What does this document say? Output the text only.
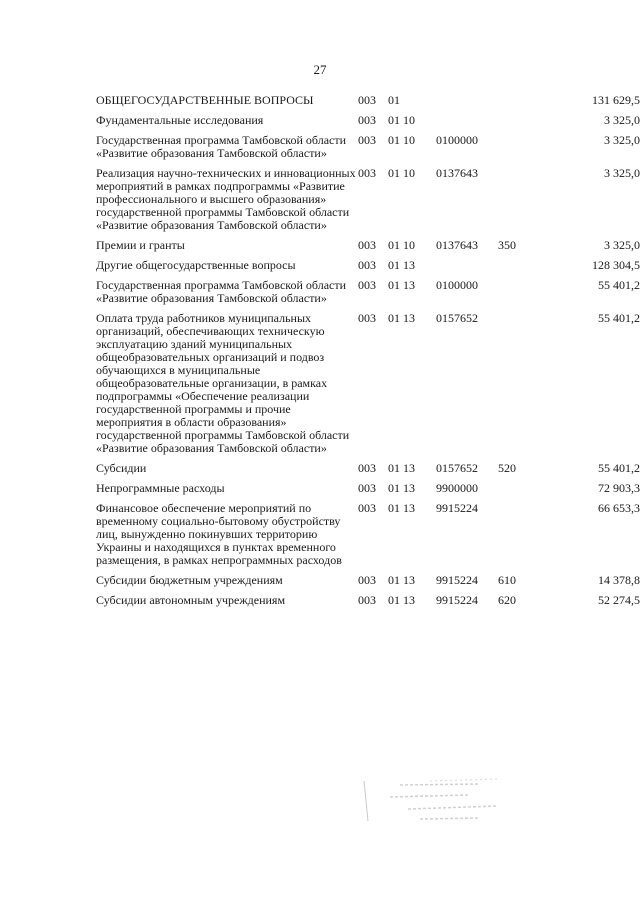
27
ОБЩЕГОСУДАРСТВЕННЫЕ ВОПРОСЫ	003	01			131 629,5
Фундаментальные исследования	003	01 10			3 325,0
Государственная программа Тамбовской области «Развитие образования Тамбовской области»	003	01 10	0100000		3 325,0
Реализация научно-технических и инновационных мероприятий в рамках подпрограммы «Развитие профессионального и высшего образования» государственной программы Тамбовской области «Развитие образования Тамбовской области»	003	01 10	0137643		3 325,0
Премии и гранты	003	01 10	0137643	350	3 325,0
Другие общегосударственные вопросы	003	01 13			128 304,5
Государственная программа Тамбовской области «Развитие образования Тамбовской области»	003	01 13	0100000		55 401,2
Оплата труда работников муниципальных организаций, обеспечивающих техническую эксплуатацию зданий муниципальных общеобразовательных организаций и подвоз обучающихся в муниципальные общеобразовательные организации, в рамках подпрограммы «Обеспечение реализации государственной программы и прочие мероприятия в области образования» государственной программы Тамбовской области «Развитие образования Тамбовской области»	003	01 13	0157652		55 401,2
Субсидии	003	01 13	0157652	520	55 401,2
Непрограммные расходы	003	01 13	9900000		72 903,3
Финансовое обеспечение мероприятий по временному социально-бытовому обустройству лиц, вынужденно покинувших территорию Украины и находящихся в пунктах временного размещения, в рамках непрограммных расходов	003	01 13	9915224		66 653,3
Субсидии бюджетным учреждениям	003	01 13	9915224	610	14 378,8
Субсидии автономным учреждениям	003	01 13	9915224	620	52 274,5
